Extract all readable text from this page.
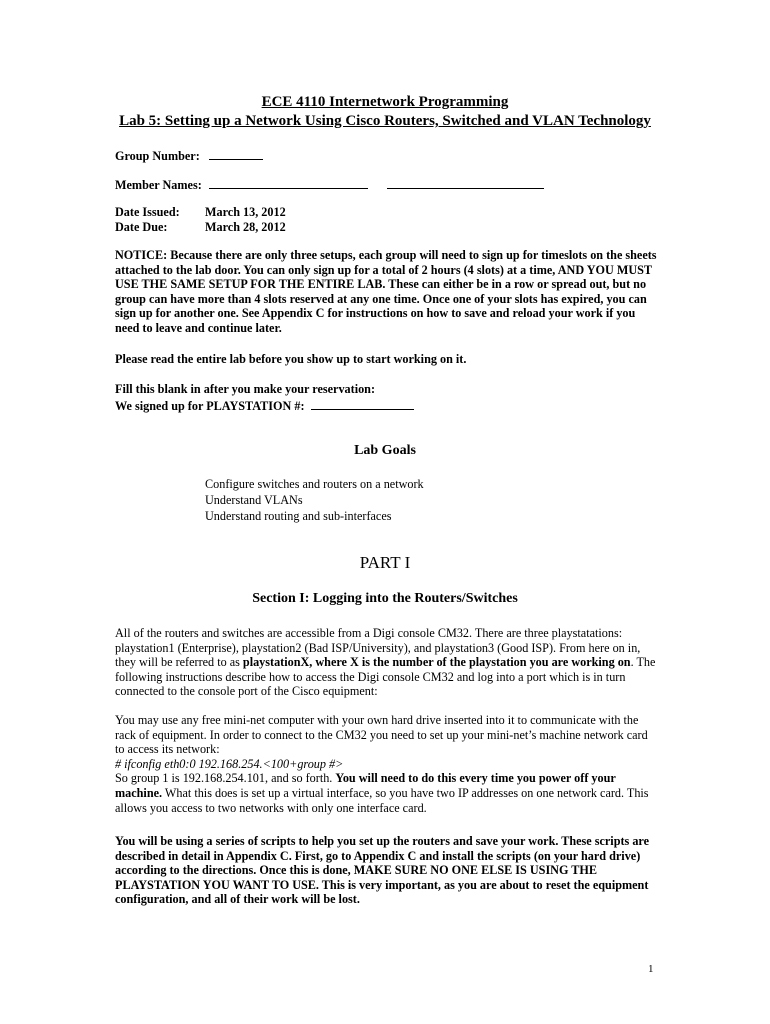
ECE 4110 Internetwork Programming
Lab 5: Setting up a Network Using Cisco Routers, Switched and VLAN Technology
Group Number:
Member Names:
Date Issued: March 13, 2012
Date Due:	March 28, 2012
NOTICE: Because there are only three setups, each group will need to sign up for timeslots on the sheets attached to the lab door. You can only sign up for a total of 2 hours (4 slots) at a time, AND YOU MUST USE THE SAME SETUP FOR THE ENTIRE LAB. These can either be in a row or spread out, but no group can have more than 4 slots reserved at any one time. Once one of your slots has expired, you can sign up for another one. See Appendix C for instructions on how to save and reload your work if you need to leave and continue later.
Please read the entire lab before you show up to start working on it.
Fill this blank in after you make your reservation:
We signed up for PLAYSTATION #:
Lab Goals
Configure switches and routers on a network
Understand VLANs
Understand routing and sub-interfaces
PART I
Section I: Logging into the Routers/Switches
All of the routers and switches are accessible from a Digi console CM32. There are three playstatations: playstation1 (Enterprise), playstation2 (Bad ISP/University), and playstation3 (Good ISP). From here on in, they will be referred to as playstationX, where X is the number of the playstation you are working on. The following instructions describe how to access the Digi console CM32 and log into a port which is in turn connected to the console port of the Cisco equipment:

You may use any free mini-net computer with your own hard drive inserted into it to communicate with the rack of equipment. In order to connect to the CM32 you need to set up your mini-net’s machine network card to access its network:

# ifconfig eth0:0 192.168.254.<100+group #>

So group 1 is 192.168.254.101, and so forth. You will need to do this every time you power off your machine. What this does is set up a virtual interface, so you have two IP addresses on one network card. This allows you access to two networks with only one interface card.

You will be using a series of scripts to help you set up the routers and save your work. These scripts are described in detail in Appendix C. First, go to Appendix C and install the scripts (on your hard drive) according to the directions. Once this is done, MAKE SURE NO ONE ELSE IS USING THE PLAYSTATION YOU WANT TO USE. This is very important, as you are about to reset the equipment configuration, and all of their work will be lost.
1
